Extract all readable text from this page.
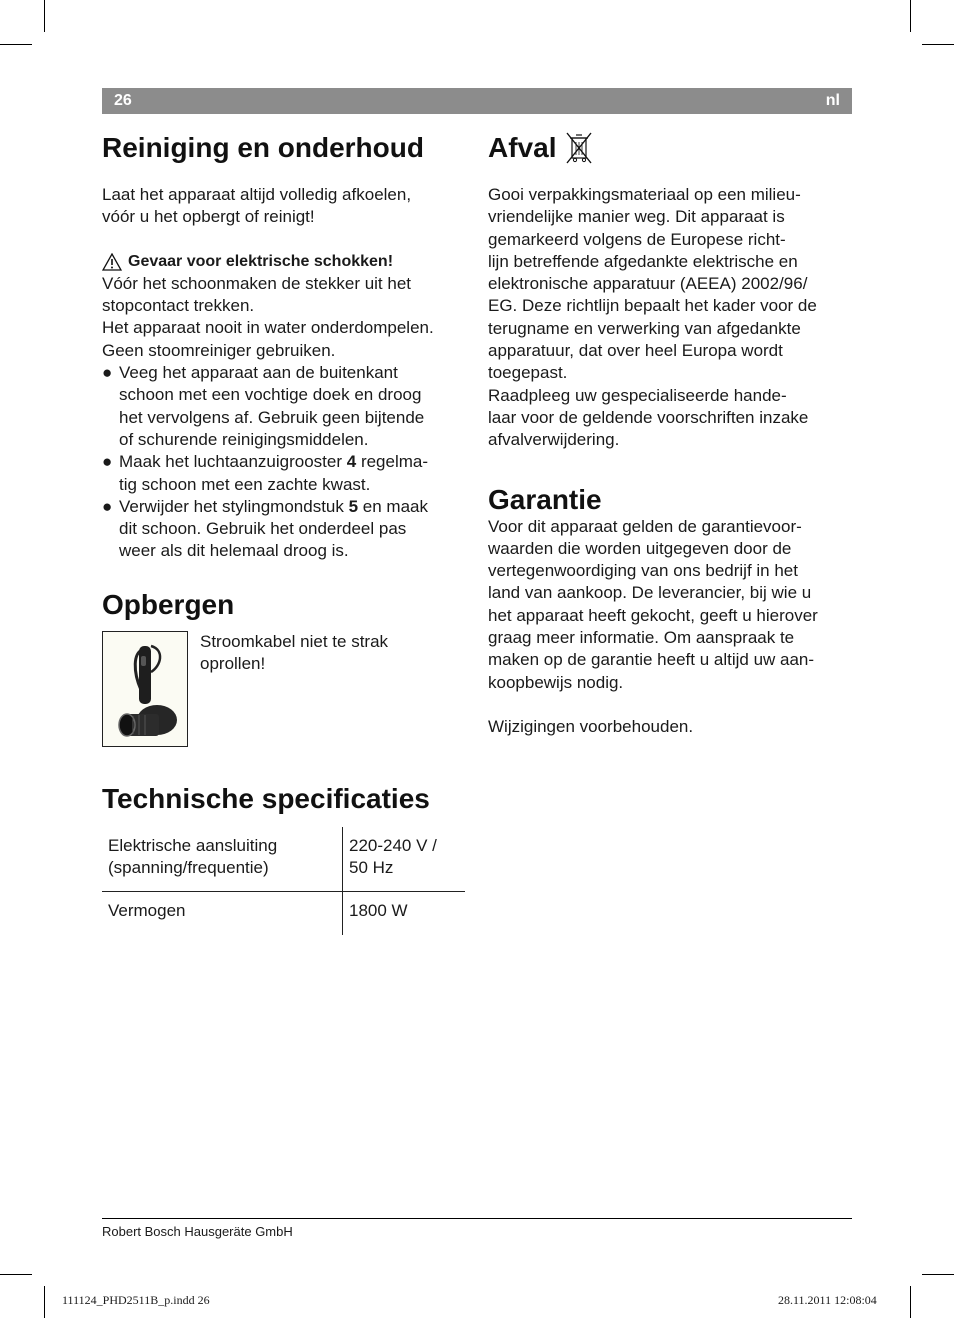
26	nl
Reiniging en onderhoud

Laat het apparaat altijd volledig afkoelen,
vóór u het opbergt of reinigt!

Gevaar voor elektrische schokken!

Vóór het schoonmaken de stekker uit het
stopcontact trekken.
Het apparaat nooit in water onderdompelen.
Geen stoomreiniger gebruiken.

● Veeg het apparaat aan de buitenkant
schoon met een vochtige doek en droog
het vervolgens af. Gebruik geen bijtende
of schurende reinigingsmiddelen.
● Maak het luchtaanzuigrooster 4 regelma-
tig schoon met een zachte kwast.
● Verwijder het stylingmondstuk 5 en maak
dit schoon. Gebruik het onderdeel pas
weer als dit helemaal droog is.
Opbergen

Stroomkabel niet te strak
oprollen!

Technische specificaties
Elektrische aansluiting
(spanning/frequentie)	220-240 V /
50 Hz
Vermogen	1800 W
Afval

Gooi verpakkingsmateriaal op een milieu-
vriendelijke manier weg. Dit apparaat is
gemarkeerd volgens de Europese richt-
lijn betreffende afgedankte elektrische en
elektronische apparatuur (AEEA) 2002/96/
EG. Deze richtlijn bepaalt het kader voor de
terugname en verwerking van afgedankte
apparatuur, dat over heel Europa wordt
toegepast.
Raadpleeg uw gespecialiseerde hande-
laar voor de geldende voorschriften inzake
afvalverwijdering.

Garantie

Voor dit apparaat gelden de garantievoor-
waarden die worden uitgegeven door de
vertegenwoordiging van ons bedrijf in het
land van aankoop. De leverancier, bij wie u
het apparaat heeft gekocht, geeft u hierover
graag meer informatie. Om aanspraak te
maken op de garantie heeft u altijd uw aan-
koopbewijs nodig.

Wijzigingen voorbehouden.

Robert Bosch Hausgeräte GmbH
111124_PHD2511B_p.indd 26	28.11.2011 12:08:04
